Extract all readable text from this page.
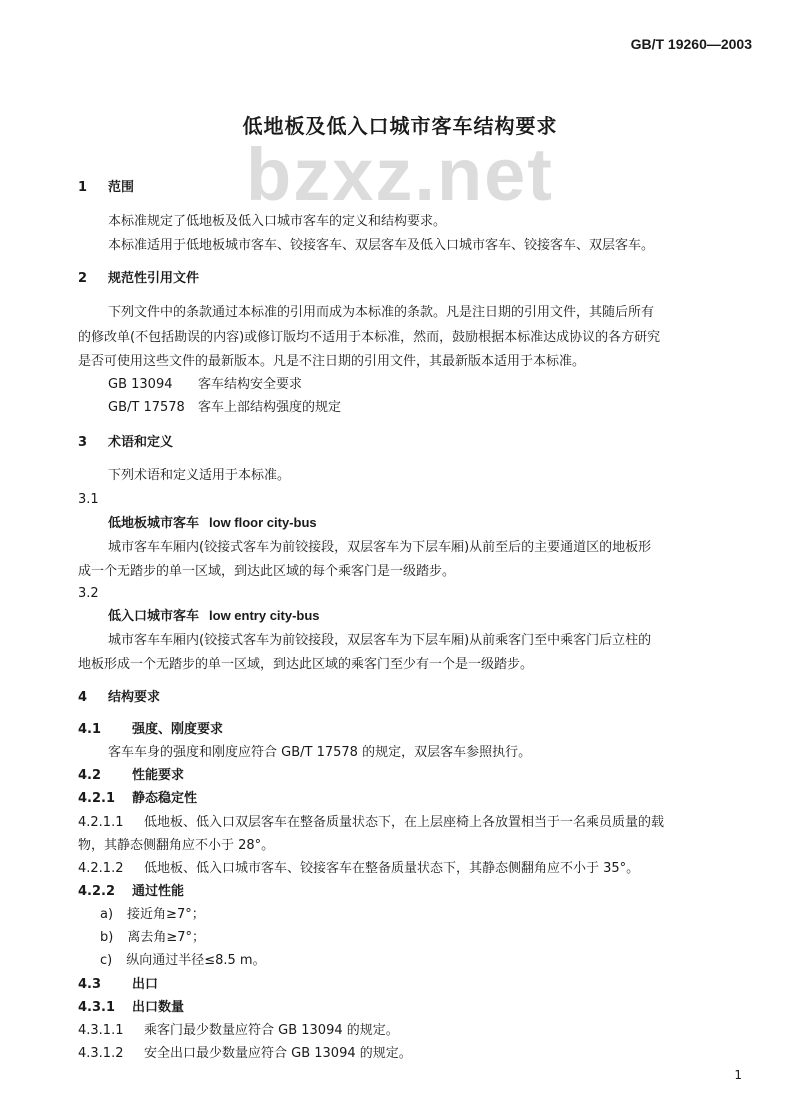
GB/T 19260—2003
低地板及低入口城市客车结构要求
bzxz.net
1 范围
本标准规定了低地板及低入口城市客车的定义和结构要求。
本标准适用于低地板城市客车、铰接客车、双层客车及低入口城市客车、铰接客车、双层客车。
2 规范性引用文件
下列文件中的条款通过本标准的引用而成为本标准的条款。凡是注日期的引用文件，其随后所有
的修改单(不包括勘误的内容)或修订版均不适用于本标准，然而，鼓励根据本标准达成协议的各方研究
是否可使用这些文件的最新版本。凡是不注日期的引用文件，其最新版本适用于本标准。
GB 13094 客车结构安全要求
GB/T 17578 客车上部结构强度的规定
3 术语和定义
下列术语和定义适用于本标准。
3.1
低地板城市客车 low floor city-bus
城市客车车厢内(铰接式客车为前铰接段，双层客车为下层车厢)从前至后的主要通道区的地板形
成一个无踏步的单一区域，到达此区域的每个乘客门是一级踏步。
3.2
低入口城市客车 low entry city-bus
城市客车车厢内(铰接式客车为前铰接段，双层客车为下层车厢)从前乘客门至中乘客门后立柱的
地板形成一个无踏步的单一区域，到达此区域的乘客门至少有一个是一级踏步。
4 结构要求
4.1 强度、刚度要求
客车车身的强度和刚度应符合 GB/T 17578 的规定，双层客车参照执行。
4.2 性能要求
4.2.1 静态稳定性
4.2.1.1 低地板、低入口双层客车在整备质量状态下，在上层座椅上各放置相当于一名乘员质量的载
物，其静态侧翻角应不小于 28°。
4.2.1.2 低地板、低入口城市客车、铰接客车在整备质量状态下，其静态侧翻角应不小于 35°。
4.2.2 通过性能
a) 接近角≥7°；
b) 离去角≥7°；
c) 纵向通过半径≤8.5 m。
4.3 出口
4.3.1 出口数量
4.3.1.1 乘客门最少数量应符合 GB 13094 的规定。
4.3.1.2 安全出口最少数量应符合 GB 13094 的规定。
1
